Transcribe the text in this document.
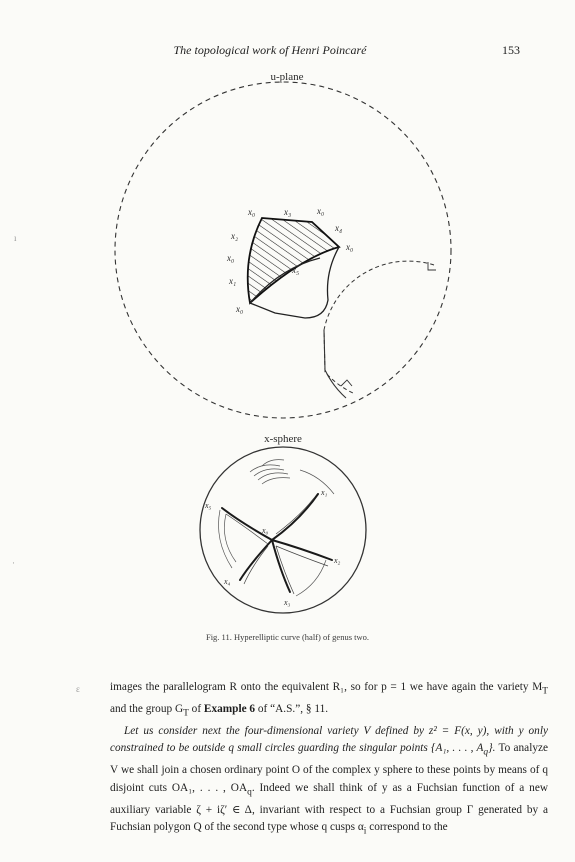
The topological work of Henri Poincaré	153
u-plane
x₀	x₃	x₀
x₄
x₀
x₂
x₀
x₁
x₅
x₀
x-sphere
x₅
x₁
x₀
x₂
x₄
x₃
Fig. 11. Hyperelliptic curve (half) of genus two.
ı
·
ɛ	images the parallelogram R onto the equivalent R₁, so for p = 1 we have again the variety $M_T$ and the group $G_T$ of Example 6 of “A.S.”, § 11.

Let us consider next the four-dimensional variety V defined by z² = F(x, y), with y only constrained to be outside q small circles guarding the singular points {A₁, . . . , $A_q$}. To analyze V we shall join a chosen ordinary point O of the complex y sphere to these points by means of q disjoint cuts OA₁, . . . , $OA_q$. Indeed we shall think of y as a Fuchsian function of a new auxiliary variable ζ + iζ′ ∈ Δ, invariant with respect to a Fuchsian group Γ generated by a Fuchsian polygon Q of the second type whose q cusps $\alpha_i$ correspond to the
